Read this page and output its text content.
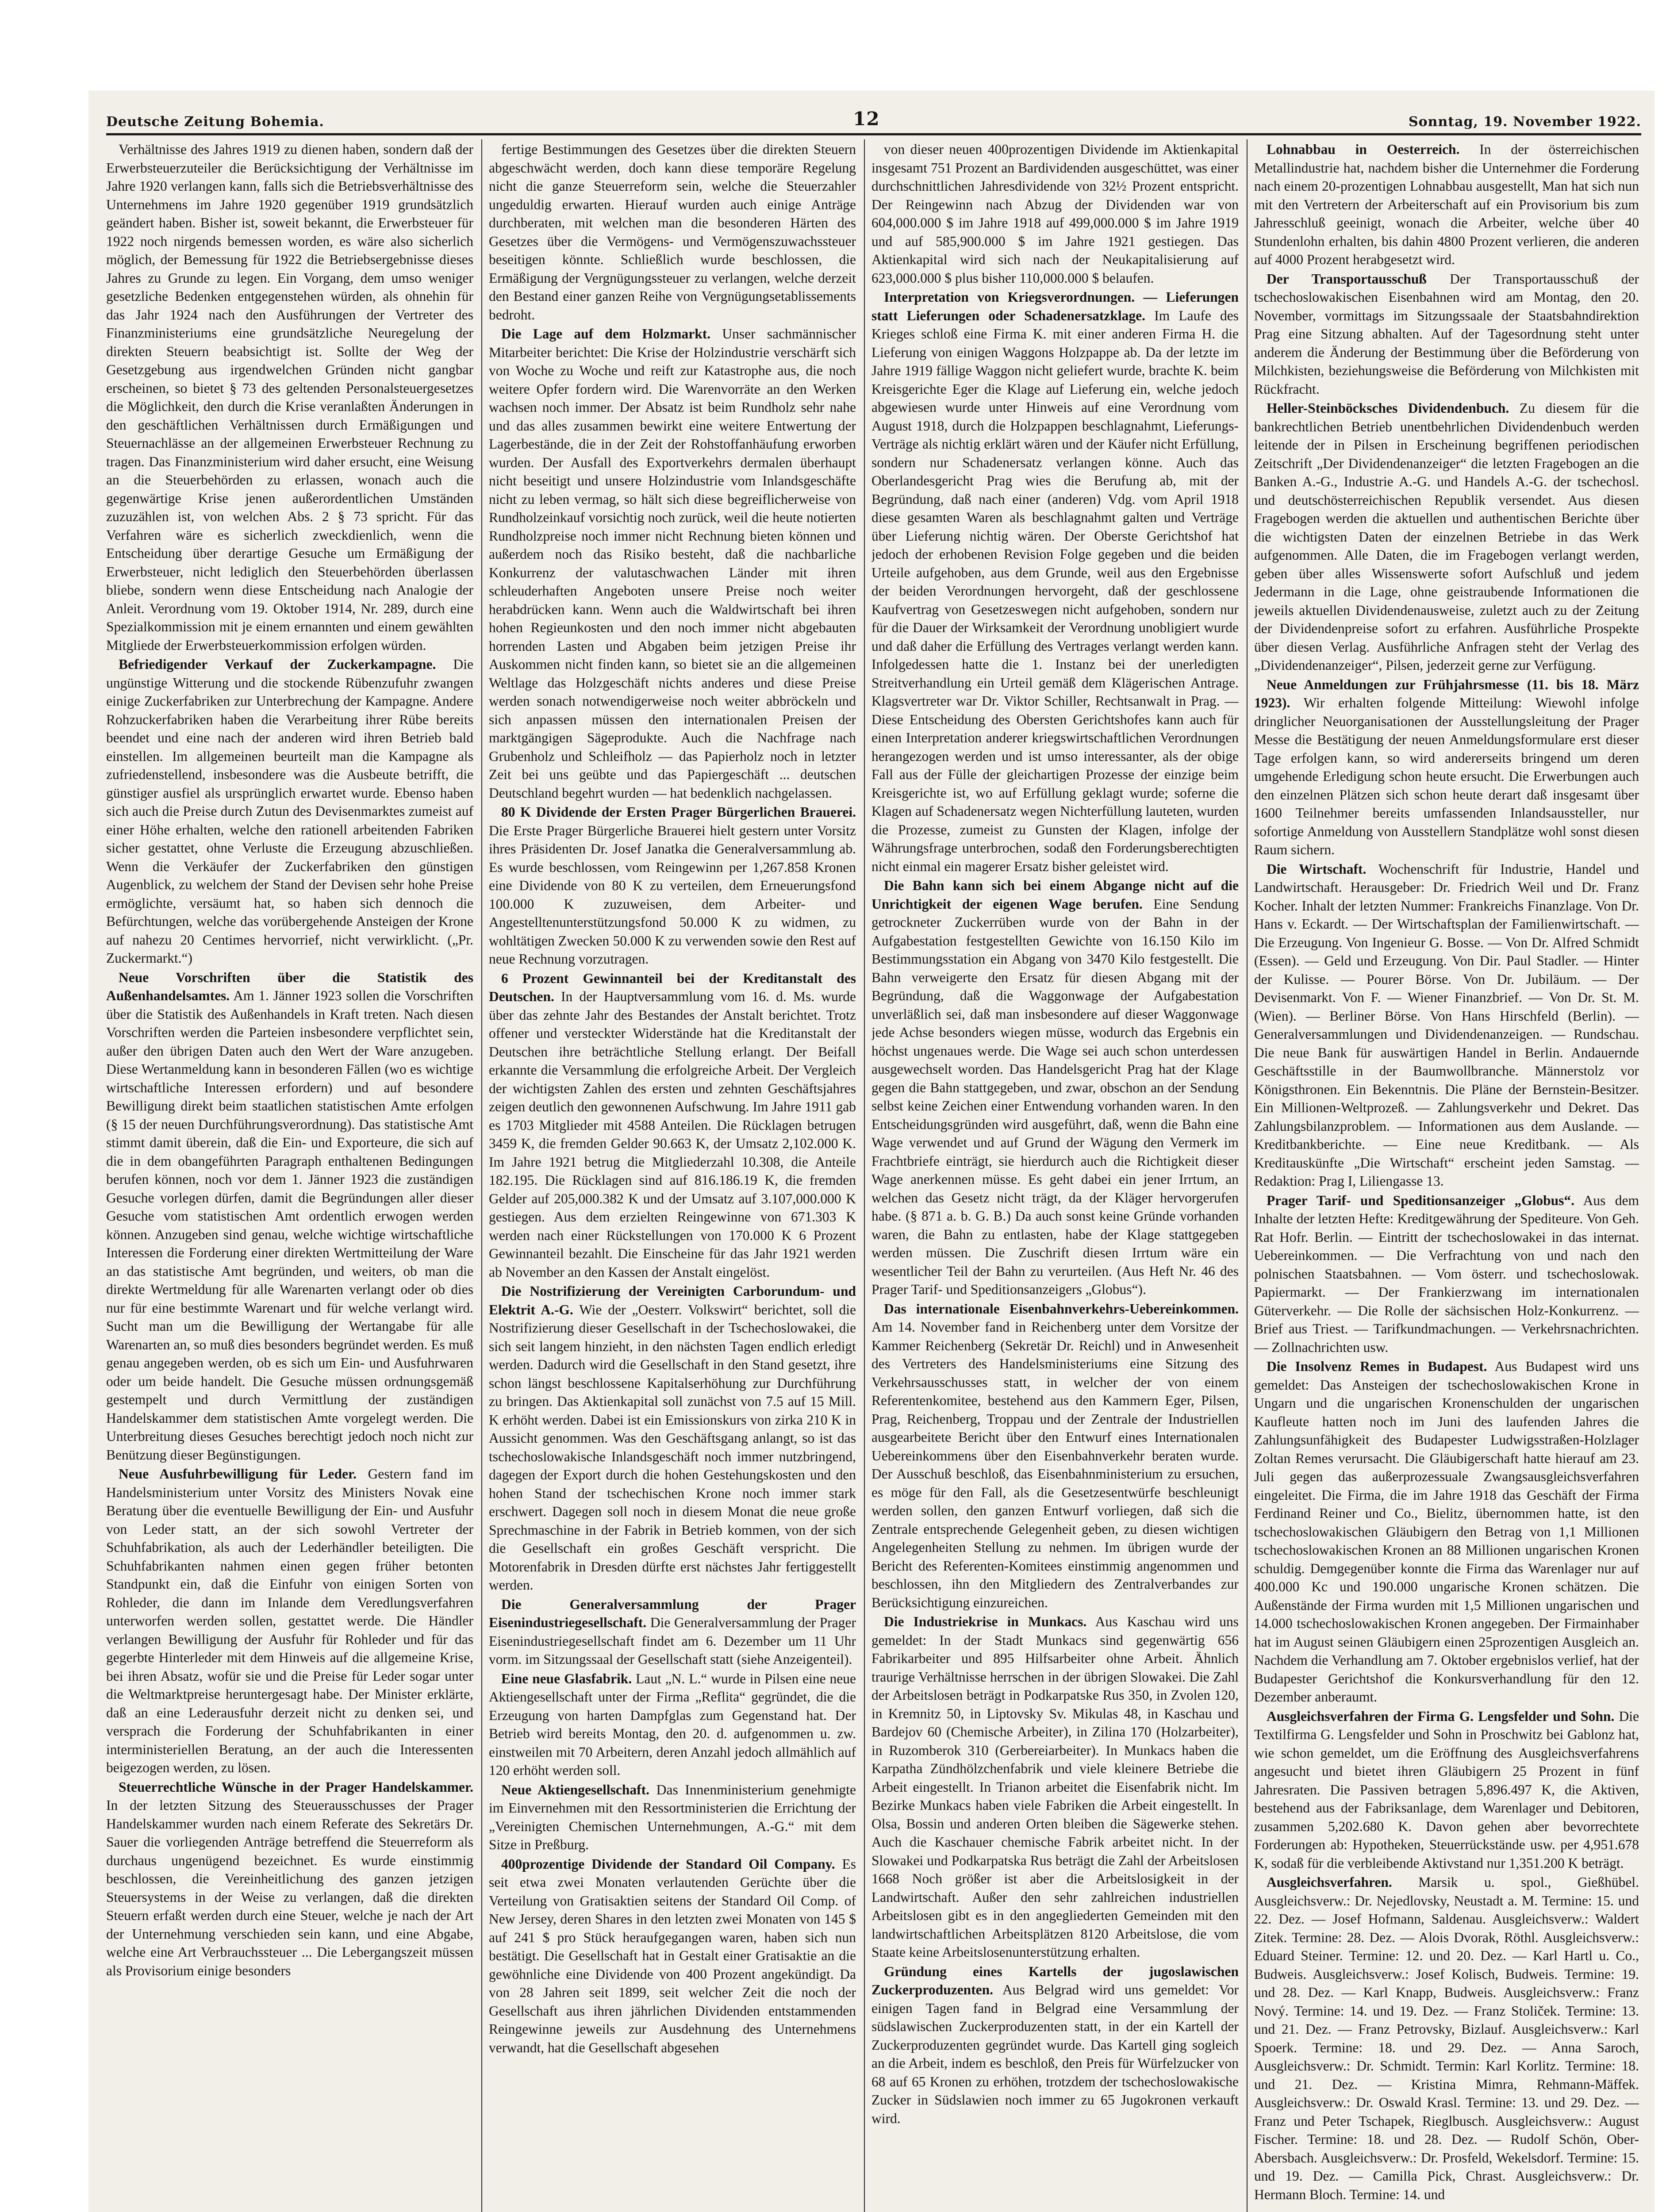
Deutsche Zeitung Bohemia.	12	Sonntag, 19. November 1922.

Verhältnisse des Jahres 1919 zu dienen haben, sondern daß der Erwerbsteuerzuteiler die Berücksichtigung der Verhältnisse im Jahre 1920 verlangen kann, falls sich die Betriebsverhältnisse des Unternehmens im Jahre 1920 gegenüber 1919 grundsätzlich geändert haben. Bisher ist, soweit bekannt, die Erwerbsteuer für 1922 noch nirgends bemessen worden, es wäre also sicherlich möglich, der Bemessung für 1922 die Betriebsergebnisse dieses Jahres zu Grunde zu legen. Ein Vorgang, dem umso weniger gesetzliche Bedenken entgegenstehen würden, als ohnehin für das Jahr 1924 nach den Ausführungen der Vertreter des Finanzministeriums eine grundsätzliche Neuregelung der direkten Steuern beabsichtigt ist. Sollte der Weg der Gesetzgebung aus irgendwelchen Gründen nicht gangbar erscheinen, so bietet § 73 des geltenden Personalsteuergesetzes die Möglichkeit, den durch die Krise veranlaßten Änderungen in den geschäftlichen Verhältnissen durch Ermäßigungen und Steuernachlässe an der allgemeinen Erwerbsteuer Rechnung zu tragen. Das Finanzministerium wird daher ersucht, eine Weisung an die Steuerbehörden zu erlassen, wonach auch die gegenwärtige Krise jenen außerordentlichen Umständen zuzuzählen ist, von welchen Abs. 2 § 73 spricht. Für das Verfahren wäre es sicherlich zweckdienlich, wenn die Entscheidung über derartige Gesuche um Ermäßigung der Erwerbsteuer, nicht lediglich den Steuerbehörden überlassen bliebe, sondern wenn diese Entscheidung nach Analogie der Anleit. Verordnung vom 19. Oktober 1914, Nr. 289, durch eine Spezialkommission mit je einem ernannten und einem gewählten Mitgliede der Erwerbsteuerkommission erfolgen würden.

Befriedigender Verkauf der Zuckerkampagne. Die ungünstige Witterung und die stockende Rübenzufuhr zwangen einige Zuckerfabriken zur Unterbrechung der Kampagne. Andere Rohzuckerfabriken haben die Verarbeitung ihrer Rübe bereits beendet und eine nach der anderen wird ihren Betrieb bald einstellen. Im allgemeinen beurteilt man die Kampagne als zufriedenstellend, insbesondere was die Ausbeute betrifft, die günstiger ausfiel als ursprünglich erwartet wurde. Ebenso haben sich auch die Preise durch Zutun des Devisenmarktes zumeist auf einer Höhe erhalten, welche den rationell arbeitenden Fabriken sicher gestattet, ohne Verluste die Erzeugung abzuschließen. Wenn die Verkäufer der Zuckerfabriken den günstigen Augenblick, zu welchem der Stand der Devisen sehr hohe Preise ermöglichte, versäumt hat, so haben sich dennoch die Befürchtungen, welche das vorübergehende Ansteigen der Krone auf nahezu 20 Centimes hervorrief, nicht verwirklicht. („Pr. Zuckermarkt.“)

Neue Vorschriften über die Statistik des Außenhandelsamtes. Am 1. Jänner 1923 sollen die Vorschriften über die Statistik des Außenhandels in Kraft treten. Nach diesen Vorschriften werden die Parteien insbesondere verpflichtet sein, außer den übrigen Daten auch den Wert der Ware anzugeben. Diese Wertanmeldung kann in besonderen Fällen (wo es wichtige wirtschaftliche Interessen erfordern) und auf besondere Bewilligung direkt beim staatlichen statistischen Amte erfolgen (§ 15 der neuen Durchführungsverordnung). Das statistische Amt stimmt damit überein, daß die Ein- und Exporteure, die sich auf die in dem obangeführten Paragraph enthaltenen Bedingungen berufen können, noch vor dem 1. Jänner 1923 die zuständigen Gesuche vorlegen dürfen, damit die Begründungen aller dieser Gesuche vom statistischen Amt ordentlich erwogen werden können. Anzugeben sind genau, welche wichtige wirtschaftliche Interessen die Forderung einer direkten Wertmitteilung der Ware an das statistische Amt begründen, und weiters, ob man die direkte Wertmeldung für alle Warenarten verlangt oder ob dies nur für eine bestimmte Warenart und für welche verlangt wird. Sucht man um die Bewilligung der Wertangabe für alle Warenarten an, so muß dies besonders begründet werden. Es muß genau angegeben werden, ob es sich um Ein- und Ausfuhrwaren oder um beide handelt. Die Gesuche müssen ordnungsgemäß gestempelt und durch Vermittlung der zuständigen Handelskammer dem statistischen Amte vorgelegt werden. Die Unterbreitung dieses Gesuches berechtigt jedoch noch nicht zur Benützung dieser Begünstigungen.

Neue Ausfuhrbewilligung für Leder. Gestern fand im Handelsministerium unter Vorsitz des Ministers Novak eine Beratung über die eventuelle Bewilligung der Ein- und Ausfuhr von Leder statt, an der sich sowohl Vertreter der Schuhfabrikation, als auch der Lederhändler beteiligten. Die Schuhfabrikanten nahmen einen gegen früher betonten Standpunkt ein, daß die Einfuhr von einigen Sorten von Rohleder, die dann im Inlande dem Veredlungsverfahren unterworfen werden sollen, gestattet werde. Die Händler verlangen Bewilligung der Ausfuhr für Rohleder und für das gegerbte Hinterleder mit dem Hinweis auf die allgemeine Krise, bei ihren Absatz, wofür sie und die Preise für Leder sogar unter die Weltmarktpreise heruntergesagt habe. Der Minister erklärte, daß an eine Lederausfuhr derzeit nicht zu denken sei, und versprach die Forderung der Schuhfabrikanten in einer interministeriellen Beratung, an der auch die Interessenten beigezogen werden, zu lösen.

Steuerrechtliche Wünsche in der Prager Handelskammer. In der letzten Sitzung des Steuerausschusses der Prager Handelskammer wurden nach einem Referate des Sekretärs Dr. Sauer die vorliegenden Anträge betreffend die Steuerreform als durchaus ungenügend bezeichnet. Es wurde einstimmig beschlossen, die Vereinheitlichung des ganzen jetzigen Steuersystems in der Weise zu verlangen, daß die direkten Steuern erfaßt werden durch eine Steuer, welche je nach der Art der Unternehmung verschieden sein kann, und eine Abgabe, welche eine Art Verbrauchssteuer ... Die Lebergangszeit müssen als Provisorium einige besonders

fertige Bestimmungen des Gesetzes über die direkten Steuern abgeschwächt werden, doch kann diese temporäre Regelung nicht die ganze Steuerreform sein, welche die Steuerzahler ungeduldig erwarten. Hierauf wurden auch einige Anträge durchberaten, mit welchen man die besonderen Härten des Gesetzes über die Vermögens- und Vermögenszuwachssteuer beseitigen könnte. Schließlich wurde beschlossen, die Ermäßigung der Vergnügungssteuer zu verlangen, welche derzeit den Bestand einer ganzen Reihe von Vergnügungsetablissements bedroht.

Die Lage auf dem Holzmarkt. Unser sachmännischer Mitarbeiter berichtet: Die Krise der Holzindustrie verschärft sich von Woche zu Woche und reift zur Katastrophe aus, die noch weitere Opfer fordern wird. Die Warenvorräte an den Werken wachsen noch immer. Der Absatz ist beim Rundholz sehr nahe und das alles zusammen bewirkt eine weitere Entwertung der Lagerbestände, die in der Zeit der Rohstoffanhäufung erworben wurden. Der Ausfall des Exportverkehrs dermalen überhaupt nicht beseitigt und unsere Holzindustrie vom Inlandsgeschäfte nicht zu leben vermag, so hält sich diese begreiflicherweise von Rundholzeinkauf vorsichtig noch zurück, weil die heute notierten Rundholzpreise noch immer nicht Rechnung bieten können und außerdem noch das Risiko besteht, daß die nachbarliche Konkurrenz der valutaschwachen Länder mit ihren schleuderhaften Angeboten unsere Preise noch weiter herabdrücken kann. Wenn auch die Waldwirtschaft bei ihren hohen Regieunkosten und den noch immer nicht abgebauten horrenden Lasten und Abgaben beim jetzigen Preise ihr Auskommen nicht finden kann, so bietet sie an die allgemeinen Weltlage das Holzgeschäft nichts anderes und diese Preise werden sonach notwendigerweise noch weiter abbröckeln und sich anpassen müssen den internationalen Preisen der marktgängigen Sägeprodukte. Auch die Nachfrage nach Grubenholz und Schleifholz — das Papierholz noch in letzter Zeit bei uns geübte und das Papiergeschäft ... deutschen Deutschland begehrt wurden — hat bedenklich nachgelassen.

80 K Dividende der Ersten Prager Bürgerlichen Brauerei. Die Erste Prager Bürgerliche Brauerei hielt gestern unter Vorsitz ihres Präsidenten Dr. Josef Janatka die Generalversammlung ab. Es wurde beschlossen, vom Reingewinn per 1,267.858 Kronen eine Dividende von 80 K zu verteilen, dem Erneuerungsfond 100.000 K zuzuweisen, dem Arbeiter- und Angestelltenunterstützungsfond 50.000 K zu widmen, zu wohltätigen Zwecken 50.000 K zu verwenden sowie den Rest auf neue Rechnung vorzutragen.

6 Prozent Gewinnanteil bei der Kreditanstalt des Deutschen. In der Hauptversammlung vom 16. d. Ms. wurde über das zehnte Jahr des Bestandes der Anstalt berichtet. Trotz offener und versteckter Widerstände hat die Kreditanstalt der Deutschen ihre beträchtliche Stellung erlangt. Der Beifall erkannte die Versammlung die erfolgreiche Arbeit. Der Vergleich der wichtigsten Zahlen des ersten und zehnten Geschäftsjahres zeigen deutlich den gewonnenen Aufschwung. Im Jahre 1911 gab es 1703 Mitglieder mit 4588 Anteilen. Die Rücklagen betrugen 3459 K, die fremden Gelder 90.663 K, der Umsatz 2,102.000 K. Im Jahre 1921 betrug die Mitgliederzahl 10.308, die Anteile 182.195. Die Rücklagen sind auf 816.186.19 K, die fremden Gelder auf 205,000.382 K und der Umsatz auf 3.107,000.000 K gestiegen. Aus dem erzielten Reingewinne von 671.303 K werden nach einer Rückstellungen von 170.000 K 6 Prozent Gewinnanteil bezahlt. Die Einscheine für das Jahr 1921 werden ab November an den Kassen der Anstalt eingelöst.

Die Nostrifizierung der Vereinigten Carborundum- und Elektrit A.-G. Wie der „Oesterr. Volkswirt“ berichtet, soll die Nostrifizierung dieser Gesellschaft in der Tschechoslowakei, die sich seit langem hinzieht, in den nächsten Tagen endlich erledigt werden. Dadurch wird die Gesellschaft in den Stand gesetzt, ihre schon längst beschlossene Kapitalserhöhung zur Durchführung zu bringen. Das Aktienkapital soll zunächst von 7.5 auf 15 Mill. K erhöht werden. Dabei ist ein Emissionskurs von zirka 210 K in Aussicht genommen. Was den Geschäftsgang anlangt, so ist das tschechoslowakische Inlandsgeschäft noch immer nutzbringend, dagegen der Export durch die hohen Gestehungskosten und den hohen Stand der tschechischen Krone noch immer stark erschwert. Dagegen soll noch in diesem Monat die neue große Sprechmaschine in der Fabrik in Betrieb kommen, von der sich die Gesellschaft ein großes Geschäft verspricht. Die Motorenfabrik in Dresden dürfte erst nächstes Jahr fertiggestellt werden.

Die Generalversammlung der Prager Eisenindustriegesellschaft. Die Generalversammlung der Prager Eisenindustriegesellschaft findet am 6. Dezember um 11 Uhr vorm. im Sitzungssaal der Gesellschaft statt (siehe Anzeigenteil).

Eine neue Glasfabrik. Laut „N. L.“ wurde in Pilsen eine neue Aktiengesellschaft unter der Firma „Reflita“ gegründet, die die Erzeugung von harten Dampfglas zum Gegenstand hat. Der Betrieb wird bereits Montag, den 20. d. aufgenommen u. zw. einstweilen mit 70 Arbeitern, deren Anzahl jedoch allmählich auf 120 erhöht werden soll.

Neue Aktiengesellschaft. Das Innenministerium genehmigte im Einvernehmen mit den Ressortministerien die Errichtung der „Vereinigten Chemischen Unternehmungen, A.-G.“ mit dem Sitze in Preßburg.

400prozentige Dividende der Standard Oil Company. Es seit etwa zwei Monaten verlautenden Gerüchte über die Verteilung von Gratisaktien seitens der Standard Oil Comp. of New Jersey, deren Shares in den letzten zwei Monaten von 145 $ auf 241 $ pro Stück heraufgegangen waren, haben sich nun bestätigt. Die Gesellschaft hat in Gestalt einer Gratisaktie an die gewöhnliche eine Dividende von 400 Prozent angekündigt. Da von 28 Jahren seit 1899, seit welcher Zeit die noch der Gesellschaft aus ihren jährlichen Dividenden entstammenden Reingewinne jeweils zur Ausdehnung des Unternehmens verwandt, hat die Gesellschaft abgesehen

von dieser neuen 400prozentigen Dividende im Aktienkapital insgesamt 751 Prozent an Bardividenden ausgeschüttet, was einer durchschnittlichen Jahresdividende von 32½ Prozent entspricht. Der Reingewinn nach Abzug der Dividenden war von 604,000.000 $ im Jahre 1918 auf 499,000.000 $ im Jahre 1919 und auf 585,900.000 $ im Jahre 1921 gestiegen. Das Aktienkapital wird sich nach der Neukapitalisierung auf 623,000.000 $ plus bisher 110,000.000 $ belaufen.

Interpretation von Kriegsverordnungen. — Lieferungen statt Lieferungen oder Schadenersatzklage. Im Laufe des Krieges schloß eine Firma K. mit einer anderen Firma H. die Lieferung von einigen Waggons Holzpappe ab. Da der letzte im Jahre 1919 fällige Waggon nicht geliefert wurde, brachte K. beim Kreisgerichte Eger die Klage auf Lieferung ein, welche jedoch abgewiesen wurde unter Hinweis auf eine Verordnung vom August 1918, durch die Holzpappen beschlagnahmt, Lieferungs-Verträge als nichtig erklärt wären und der Käufer nicht Erfüllung, sondern nur Schadenersatz verlangen könne. Auch das Oberlandesgericht Prag wies die Berufung ab, mit der Begründung, daß nach einer (anderen) Vdg. vom April 1918 diese gesamten Waren als beschlagnahmt galten und Verträge über Lieferung nichtig wären. Der Oberste Gerichtshof hat jedoch der erhobenen Revision Folge gegeben und die beiden Urteile aufgehoben, aus dem Grunde, weil aus den Ergebnisse der beiden Verordnungen hervorgeht, daß der geschlossene Kaufvertrag von Gesetzeswegen nicht aufgehoben, sondern nur für die Dauer der Wirksamkeit der Verordnung unobligiert wurde und daß daher die Erfüllung des Vertrages verlangt werden kann. Infolgedessen hatte die 1. Instanz bei der unerledigten Streitverhandlung ein Urteil gemäß dem Klägerischen Antrage. Klagsvertreter war Dr. Viktor Schiller, Rechtsanwalt in Prag. — Diese Entscheidung des Obersten Gerichtshofes kann auch für einen Interpretation anderer kriegswirtschaftlichen Verordnungen herangezogen werden und ist umso interessanter, als der obige Fall aus der Fülle der gleichartigen Prozesse der einzige beim Kreisgerichte ist, wo auf Erfüllung geklagt wurde; soferne die Klagen auf Schadenersatz wegen Nichterfüllung lauteten, wurden die Prozesse, zumeist zu Gunsten der Klagen, infolge der Währungsfrage unterbrochen, sodaß den Forderungsberechtigten nicht einmal ein magerer Ersatz bisher geleistet wird.

Die Bahn kann sich bei einem Abgange nicht auf die Unrichtigkeit der eigenen Wage berufen. Eine Sendung getrockneter Zuckerrüben wurde von der Bahn in der Aufgabestation festgestellten Gewichte von 16.150 Kilo im Bestimmungsstation ein Abgang von 3470 Kilo festgestellt. Die Bahn verweigerte den Ersatz für diesen Abgang mit der Begründung, daß die Waggonwage der Aufgabestation unverläßlich sei, daß man insbesondere auf dieser Waggonwage jede Achse besonders wiegen müsse, wodurch das Ergebnis ein höchst ungenaues werde. Die Wage sei auch schon unterdessen ausgewechselt worden. Das Handelsgericht Prag hat der Klage gegen die Bahn stattgegeben, und zwar, obschon an der Sendung selbst keine Zeichen einer Entwendung vorhanden waren. In den Entscheidungsgründen wird ausgeführt, daß, wenn die Bahn eine Wage verwendet und auf Grund der Wägung den Vermerk im Frachtbriefe einträgt, sie hierdurch auch die Richtigkeit dieser Wage anerkennen müsse. Es geht dabei ein jener Irrtum, an welchen das Gesetz nicht trägt, da der Kläger hervorgerufen habe. (§ 871 a. b. G. B.) Da auch sonst keine Gründe vorhanden waren, die Bahn zu entlasten, habe der Klage stattgegeben werden müssen. Die Zuschrift diesen Irrtum wäre ein wesentlicher Teil der Bahn zu verurteilen. (Aus Heft Nr. 46 des Prager Tarif- und Speditionsanzeigers „Globus“).

Das internationale Eisenbahnverkehrs-Uebereinkommen. Am 14. November fand in Reichenberg unter dem Vorsitze der Kammer Reichenberg (Sekretär Dr. Reichl) und in Anwesenheit des Vertreters des Handelsministeriums eine Sitzung des Verkehrsausschusses statt, in welcher der von einem Referentenkomitee, bestehend aus den Kammern Eger, Pilsen, Prag, Reichenberg, Troppau und der Zentrale der Industriellen ausgearbeitete Bericht über den Entwurf eines Internationalen Uebereinkommens über den Eisenbahnverkehr beraten wurde. Der Ausschuß beschloß, das Eisenbahnministerium zu ersuchen, es möge für den Fall, als die Gesetzesentwürfe beschleunigt werden sollen, den ganzen Entwurf vorliegen, daß sich die Zentrale entsprechende Gelegenheit geben, zu diesen wichtigen Angelegenheiten Stellung zu nehmen. Im übrigen wurde der Bericht des Referenten-Komitees einstimmig angenommen und beschlossen, ihn den Mitgliedern des Zentralverbandes zur Berücksichtigung einzureichen.

Die Industriekrise in Munkacs. Aus Kaschau wird uns gemeldet: In der Stadt Munkacs sind gegenwärtig 656 Fabrikarbeiter und 895 Hilfsarbeiter ohne Arbeit. Ähnlich traurige Verhältnisse herrschen in der übrigen Slowakei. Die Zahl der Arbeitslosen beträgt in Podkarpatske Rus 350, in Zvolen 120, in Kremnitz 50, in Liptovsky Sv. Mikulas 48, in Kaschau und Bardejov 60 (Chemische Arbeiter), in Zilina 170 (Holzarbeiter), in Ruzomberok 310 (Gerbereiarbeiter). In Munkacs haben die Karpatha Zündhölzchenfabrik und viele kleinere Betriebe die Arbeit eingestellt. In Trianon arbeitet die Eisenfabrik nicht. Im Bezirke Munkacs haben viele Fabriken die Arbeit eingestellt. In Olsa, Bossin und anderen Orten bleiben die Sägewerke stehen. Auch die Kaschauer chemische Fabrik arbeitet nicht. In der Slowakei und Podkarpatska Rus beträgt die Zahl der Arbeitslosen 1668 Noch größer ist aber die Arbeitslosigkeit in der Landwirtschaft. Außer den sehr zahlreichen industriellen Arbeitslosen gibt es in den angegliederten Gemeinden mit den landwirtschaftlichen Arbeitsplätzen 8120 Arbeitslose, die vom Staate keine Arbeitslosenunterstützung erhalten.

Gründung eines Kartells der jugoslawischen Zuckerproduzenten. Aus Belgrad wird uns gemeldet: Vor einigen Tagen fand in Belgrad eine Versammlung der südslawischen Zuckerproduzenten statt, in der ein Kartell der Zuckerproduzenten gegründet wurde. Das Kartell ging sogleich an die Arbeit, indem es beschloß, den Preis für Würfelzucker von 68 auf 65 Kronen zu erhöhen, trotzdem der tschechoslowakische Zucker in Südslawien noch immer zu 65 Jugokronen verkauft wird.

Lohnabbau in Oesterreich. In der österreichischen Metallindustrie hat, nachdem bisher die Unternehmer die Forderung nach einem 20-prozentigen Lohnabbau ausgestellt, Man hat sich nun mit den Vertretern der Arbeiterschaft auf ein Provisorium bis zum Jahresschluß geeinigt, wonach die Arbeiter, welche über 40 Stundenlohn erhalten, bis dahin 4800 Prozent verlieren, die anderen auf 4000 Prozent herabgesetzt wird.

Der Transportausschuß Der Transportausschuß der tschechoslowakischen Eisenbahnen wird am Montag, den 20. November, vormittags im Sitzungssaale der Staatsbahndirektion Prag eine Sitzung abhalten. Auf der Tagesordnung steht unter anderem die Änderung der Bestimmung über die Beförderung von Milchkisten, beziehungsweise die Beförderung von Milchkisten mit Rückfracht.

Heller-Steinböcksches Dividendenbuch. Zu diesem für die bankrechtlichen Betrieb unentbehrlichen Dividendenbuch werden leitende der in Pilsen in Erscheinung begriffenen periodischen Zeitschrift „Der Dividendenanzeiger“ die letzten Fragebogen an die Banken A.-G., Industrie A.-G. und Handels A.-G. der tschechosl. und deutschösterreichischen Republik versendet. Aus diesen Fragebogen werden die aktuellen und authentischen Berichte über die wichtigsten Daten der einzelnen Betriebe in das Werk aufgenommen. Alle Daten, die im Fragebogen verlangt werden, geben über alles Wissenswerte sofort Aufschluß und jedem Jedermann in die Lage, ohne geistraubende Informationen die jeweils aktuellen Dividendenausweise, zuletzt auch zu der Zeitung der Dividendenpreise sofort zu erfahren. Ausführliche Prospekte über diesen Verlag. Ausführliche Anfragen steht der Verlag des „Dividendenanzeiger“, Pilsen, jederzeit gerne zur Verfügung.

Neue Anmeldungen zur Frühjahrsmesse (11. bis 18. März 1923). Wir erhalten folgende Mitteilung: Wiewohl infolge dringlicher Neuorganisationen der Ausstellungsleitung der Prager Messe die Bestätigung der neuen Anmeldungsformulare erst dieser Tage erfolgen kann, so wird andererseits bringend um deren umgehende Erledigung schon heute ersucht. Die Erwerbungen auch den einzelnen Plätzen sich schon heute derart daß insgesamt über 1600 Teilnehmer bereits umfassenden Inlandsaussteller, nur sofortige Anmeldung von Ausstellern Standplätze wohl sonst diesen Raum sichern.

Die Wirtschaft. Wochenschrift für Industrie, Handel und Landwirtschaft. Herausgeber: Dr. Friedrich Weil und Dr. Franz Kocher. Inhalt der letzten Nummer: Frankreichs Finanzlage. Von Dr. Hans v. Eckardt. — Der Wirtschaftsplan der Familienwirtschaft. — Die Erzeugung. Von Ingenieur G. Bosse. — Von Dr. Alfred Schmidt (Essen). — Geld und Erzeugung. Von Dir. Paul Stadler. — Hinter der Kulisse. — Pourer Börse. Von Dr. Jubiläum. — Der Devisenmarkt. Von F. — Wiener Finanzbrief. — Von Dr. St. M. (Wien). — Berliner Börse. Von Hans Hirschfeld (Berlin). — Generalversammlungen und Dividendenanzeigen. — Rundschau. Die neue Bank für auswärtigen Handel in Berlin. Andauernde Geschäftsstille in der Baumwollbranche. Männerstolz vor Königsthronen. Ein Bekenntnis. Die Pläne der Bernstein-Besitzer. Ein Millionen-Weltprozeß. — Zahlungsverkehr und Dekret. Das Zahlungsbilanzproblem. — Informationen aus dem Auslande. — Kreditbankberichte. — Eine neue Kreditbank. — Als Kreditauskünfte „Die Wirtschaft“ erscheint jeden Samstag. — Redaktion: Prag I, Liliengasse 13.

Prager Tarif- und Speditionsanzeiger „Globus“. Aus dem Inhalte der letzten Hefte: Kreditgewährung der Spediteure. Von Geh. Rat Hofr. Berlin. — Eintritt der tschechoslowakei in das internat. Uebereinkommen. — Die Verfrachtung von und nach den polnischen Staatsbahnen. — Vom österr. und tschechoslowak. Papiermarkt. — Der Frankierzwang im internationalen Güterverkehr. — Die Rolle der sächsischen Holz-Konkurrenz. — Brief aus Triest. — Tarifkundmachungen. — Verkehrsnachrichten. — Zollnachrichten usw.

Die Insolvenz Remes in Budapest. Aus Budapest wird uns gemeldet: Das Ansteigen der tschechoslowakischen Krone in Ungarn und die ungarischen Kronenschulden der ungarischen Kaufleute hatten noch im Juni des laufenden Jahres die Zahlungsunfähigkeit des Budapester Ludwigsstraßen-Holzlager Zoltan Remes verursacht. Die Gläubigerschaft hatte hierauf am 23. Juli gegen das außerprozessuale Zwangsausgleichsverfahren eingeleitet. Die Firma, die im Jahre 1918 das Geschäft der Firma Ferdinand Reiner und Co., Bielitz, übernommen hatte, ist den tschechoslowakischen Gläubigern den Betrag von 1,1 Millionen tschechoslowakischen Kronen an 88 Millionen ungarischen Kronen schuldig. Demgegenüber konnte die Firma das Warenlager nur auf 400.000 Kc und 190.000 ungarische Kronen schätzen. Die Außenstände der Firma wurden mit 1,5 Millionen ungarischen und 14.000 tschechoslowakischen Kronen angegeben. Der Firmainhaber hat im August seinen Gläubigern einen 25prozentigen Ausgleich an. Nachdem die Verhandlung am 7. Oktober ergebnislos verlief, hat der Budapester Gerichtshof die Konkursverhandlung für den 12. Dezember anberaumt.

Ausgleichsverfahren der Firma G. Lengsfelder und Sohn. Die Textilfirma G. Lengsfelder und Sohn in Proschwitz bei Gablonz hat, wie schon gemeldet, um die Eröffnung des Ausgleichsverfahrens angesucht und bietet ihren Gläubigern 25 Prozent in fünf Jahresraten. Die Passiven betragen 5,896.497 K, die Aktiven, bestehend aus der Fabriksanlage, dem Warenlager und Debitoren, zusammen 5,202.680 K. Davon gehen aber bevorrechtete Forderungen ab: Hypotheken, Steuerrückstände usw. per 4,951.678 K, sodaß für die verbleibende Aktivstand nur 1,351.200 K beträgt.

Ausgleichsverfahren. Marsik u. spol., Gießhübel. Ausgleichsverw.: Dr. Nejedlovsky, Neustadt a. M. Termine: 15. und 22. Dez. — Josef Hofmann, Saldenau. Ausgleichsverw.: Waldert Zitek. Termine: 28. Dez. — Alois Dvorak, Röthl. Ausgleichsverw.: Eduard Steiner. Termine: 12. und 20. Dez. — Karl Hartl u. Co., Budweis. Ausgleichsverw.: Josef Kolisch, Budweis. Termine: 19. und 28. Dez. — Karl Knapp, Budweis. Ausgleichsverw.: Franz Nový. Termine: 14. und 19. Dez. — Franz Stoliček. Termine: 13. und 21. Dez. — Franz Petrovsky, Bizlauf. Ausgleichsverw.: Karl Spoerk. Termine: 18. und 29. Dez. — Anna Saroch, Ausgleichsverw.: Dr. Schmidt. Termin: Karl Korlitz. Termine: 18. und 21. Dez. — Kristina Mimra, Rehmann-Mäffek. Ausgleichsverw.: Dr. Oswald Krasl. Termine: 13. und 29. Dez. — Franz und Peter Tschapek, Rieglbusch. Ausgleichsverw.: August Fischer. Termine: 18. und 28. Dez. — Rudolf Schön, Ober-Abersbach. Ausgleichsverw.: Dr. Prosfeld, Wekelsdorf. Termine: 15. und 19. Dez. — Camilla Pick, Chrast. Ausgleichsverw.: Dr. Hermann Bloch. Termine: 14. und
